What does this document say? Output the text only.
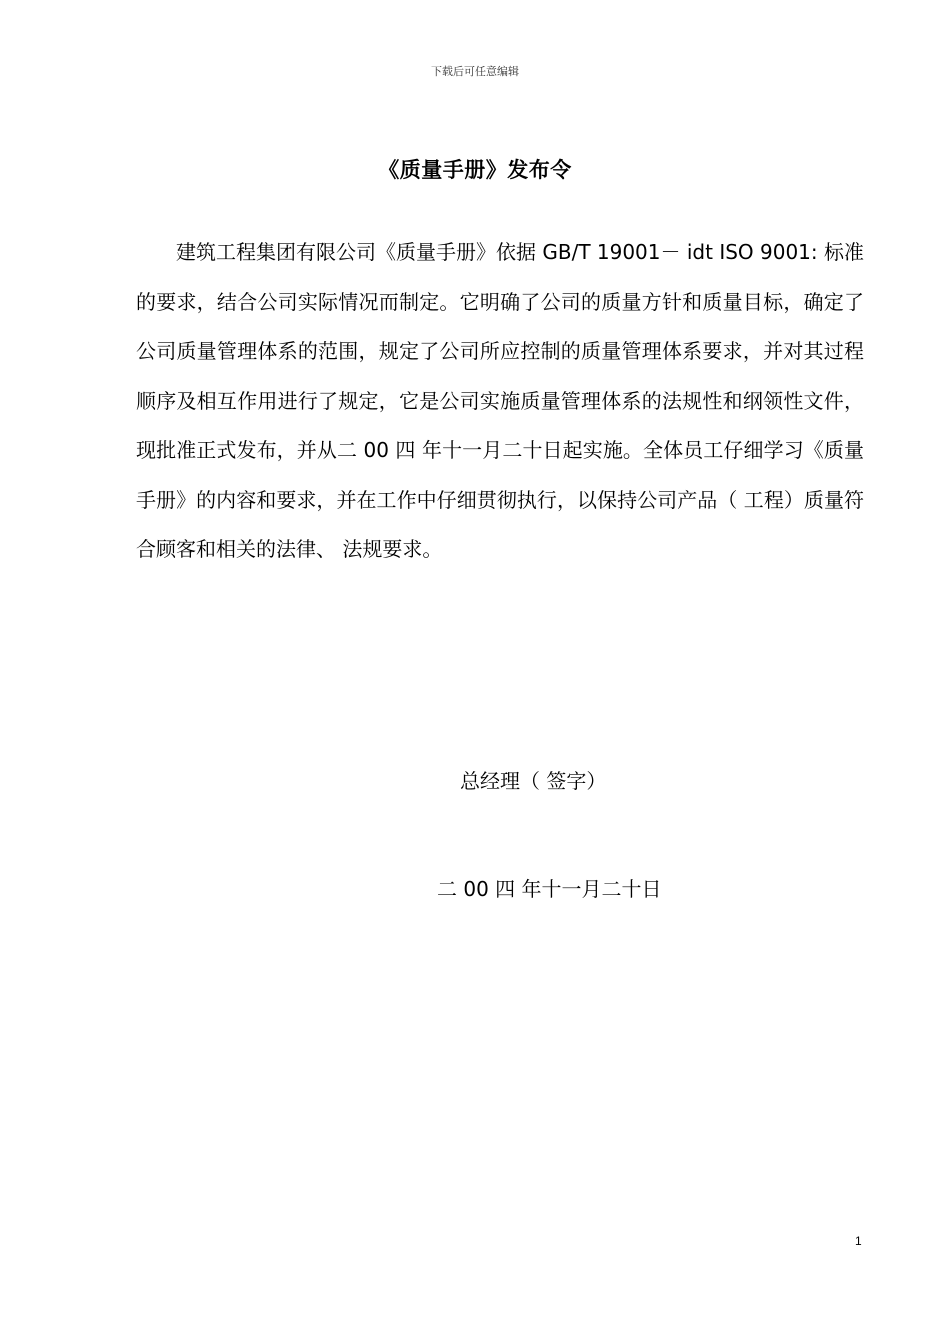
下载后可任意编辑
《质量手册》发布令

建筑工程集团有限公司《质量手册》依据 GB/T 19001－ idt ISO 9001: 标准的要求，结合公司实际情况而制定。它明确了公司的质量方针和质量目标，确定了公司质量管理体系的范围，规定了公司所应控制的质量管理体系要求，并对其过程顺序及相互作用进行了规定，它是公司实施质量管理体系的法规性和纲领性文件，现批准正式发布，并从二 00 四 年十一月二十日起实施。全体员工仔细学习《质量手册》的内容和要求，并在工作中仔细贯彻执行，以保持公司产品（ 工程）质量符合顾客和相关的法律、 法规要求。

总经理（ 签字）
二 00 四 年十一月二十日
1
